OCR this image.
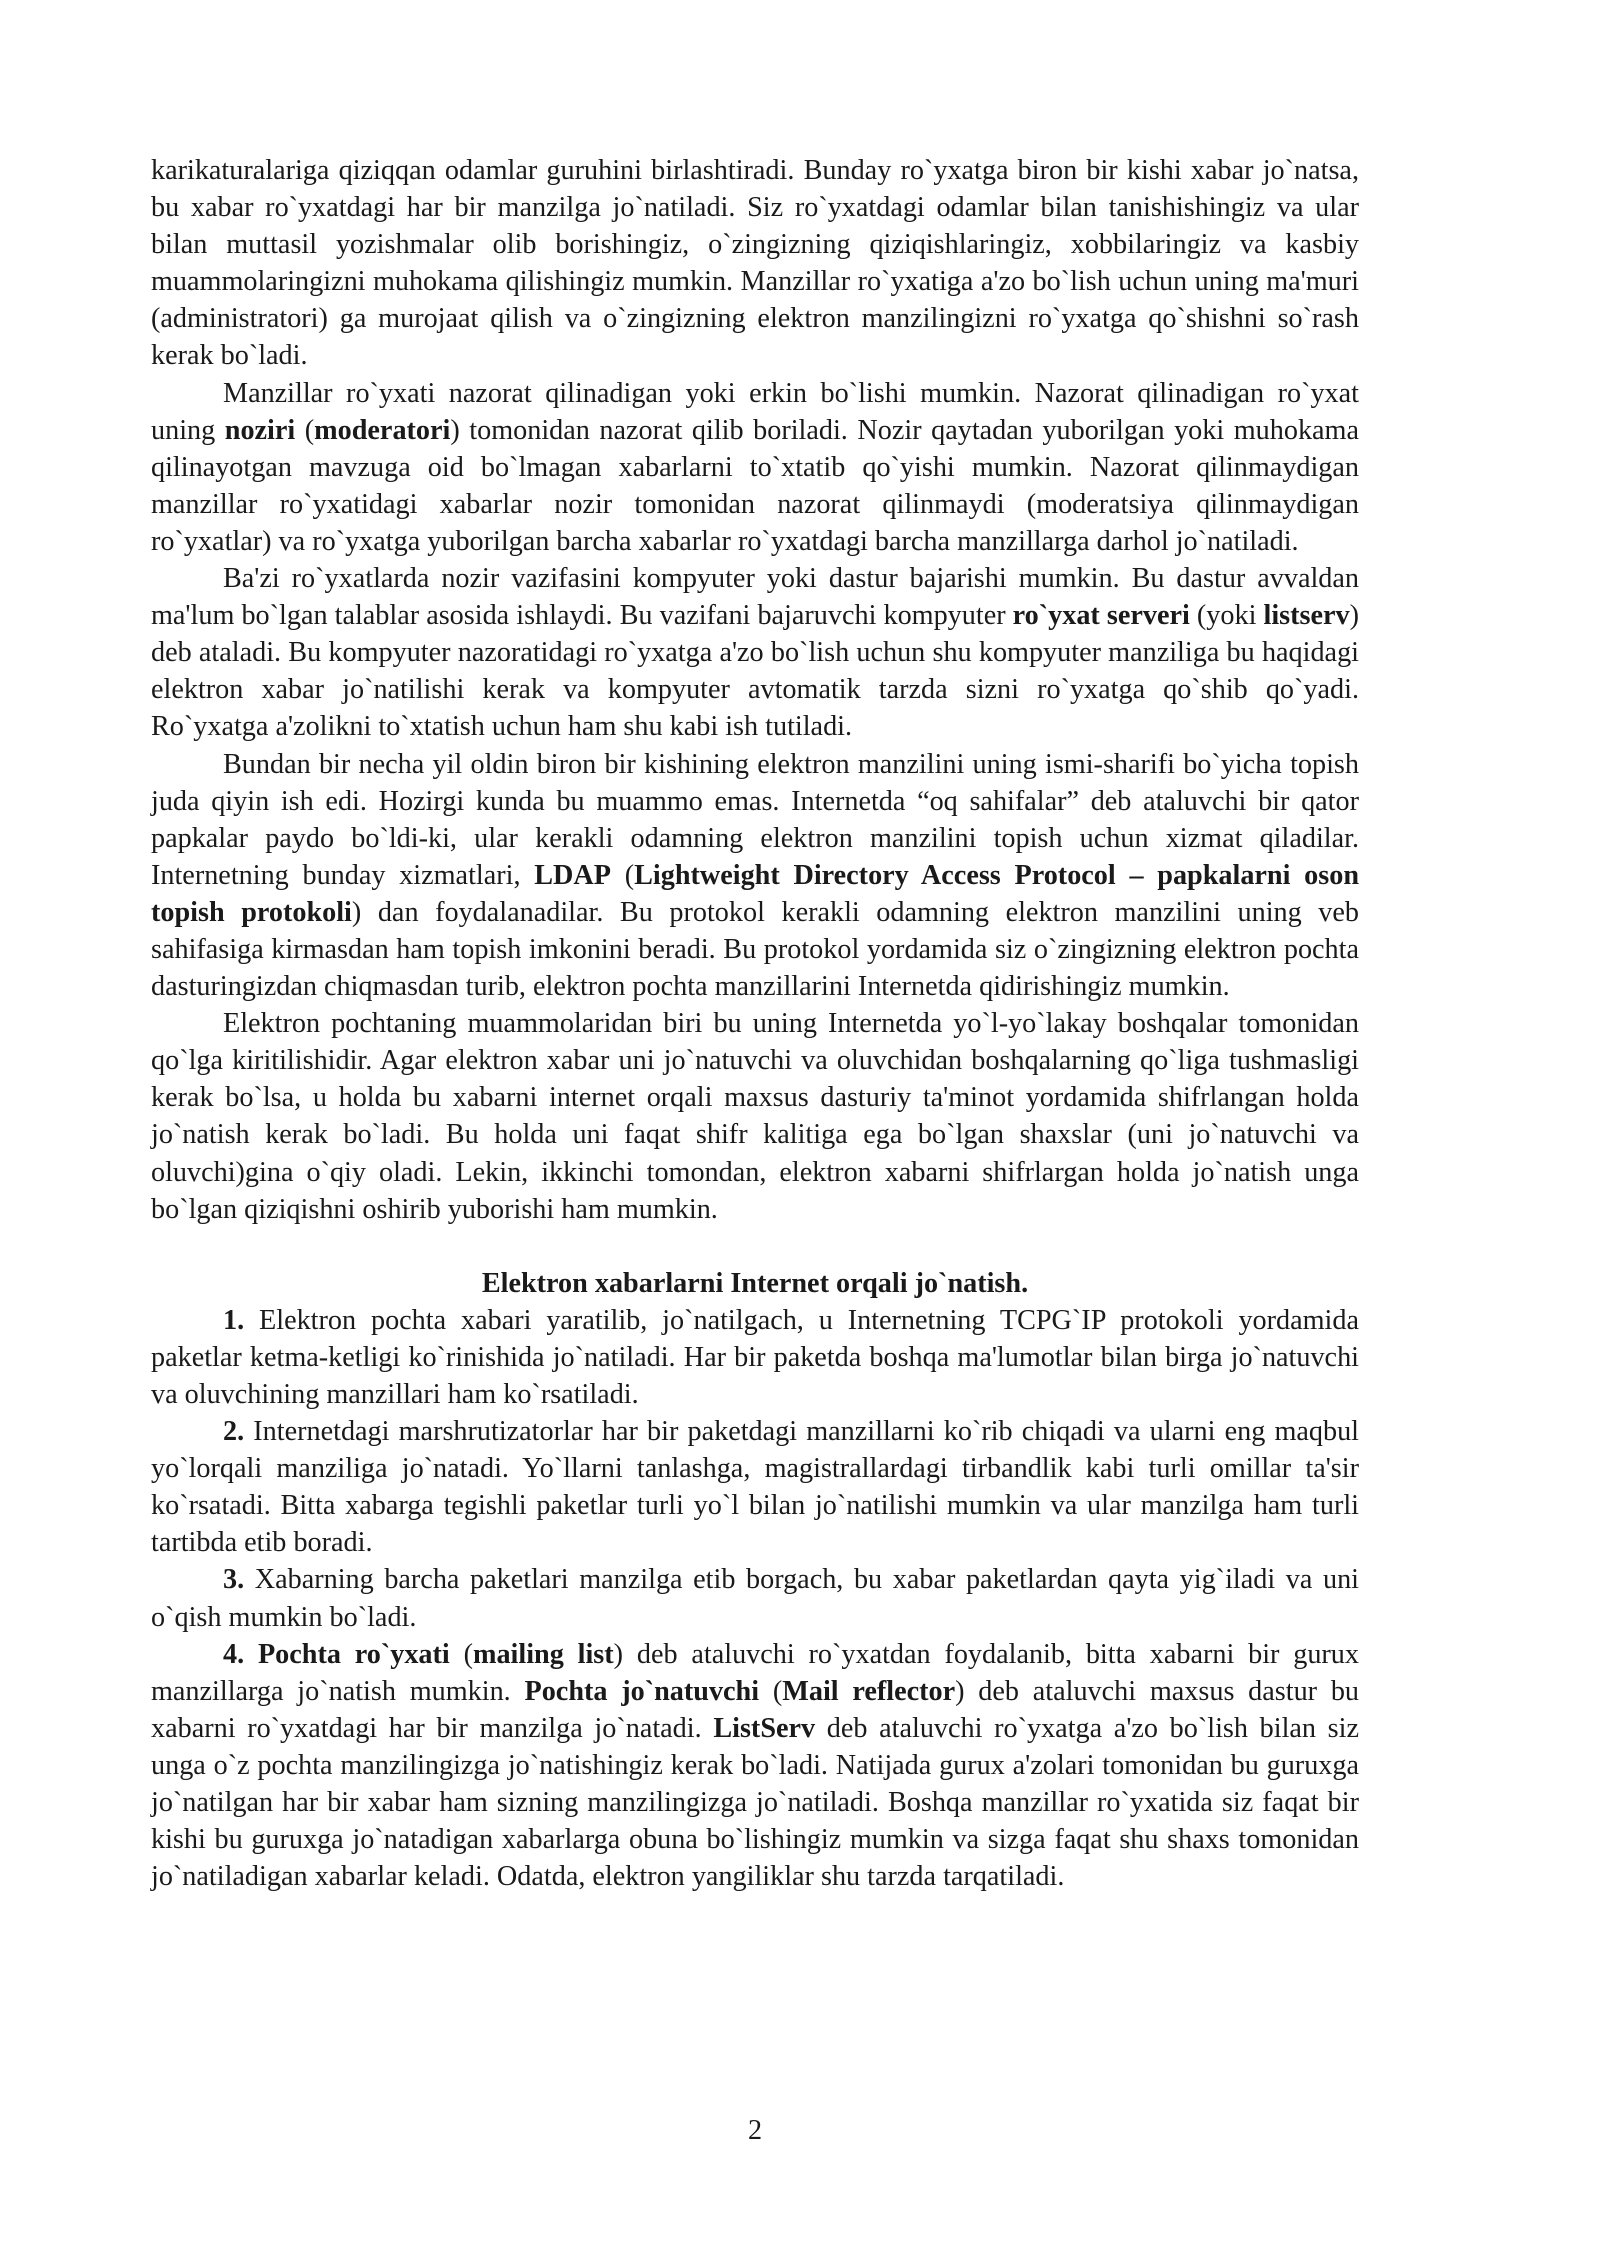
karikaturalariga qiziqqan odamlar guruhini birlashtiradi. Bunday ro`yxatga biron bir kishi xabar jo`natsa, bu xabar ro`yxatdagi har bir manzilga jo`natiladi. Siz ro`yxatdagi odamlar bilan tanishishingiz va ular bilan muttasil yozishmalar olib borishingiz, o`zingizning qiziqishlaringiz, xobbilaringiz va kasbiy muammolaringizni muhokama qilishingiz mumkin. Manzillar ro`yxatiga a'zo bo`lish uchun uning ma'muri (administratori) ga murojaat qilish va o`zingizning elektron manzilingizni ro`yxatga qo`shishni so`rash kerak bo`ladi.

Manzillar ro`yxati nazorat qilinadigan yoki erkin bo`lishi mumkin. Nazorat qilinadigan ro`yxat uning noziri (moderatori) tomonidan nazorat qilib boriladi. Nozir qaytadan yuborilgan yoki muhokama qilinayotgan mavzuga oid bo`lmagan xabarlarni to`xtatib qo`yishi mumkin. Nazorat qilinmaydigan manzillar ro`yxatidagi xabarlar nozir tomonidan nazorat qilinmaydi (moderatsiya qilinmaydigan ro`yxatlar) va ro`yxatga yuborilgan barcha xabarlar ro`yxatdagi barcha manzillarga darhol jo`natiladi.

Ba'zi ro`yxatlarda nozir vazifasini kompyuter yoki dastur bajarishi mumkin. Bu dastur avvaldan ma'lum bo`lgan talablar asosida ishlaydi. Bu vazifani bajaruvchi kompyuter ro`yxat serveri (yoki listserv) deb ataladi. Bu kompyuter nazoratidagi ro`yxatga a'zo bo`lish uchun shu kompyuter manziliga bu haqidagi elektron xabar jo`natilishi kerak va kompyuter avtomatik tarzda sizni ro`yxatga qo`shib qo`yadi. Ro`yxatga a'zolikni to`xtatish uchun ham shu kabi ish tutiladi.

Bundan bir necha yil oldin biron bir kishining elektron manzilini uning ismi-sharifi bo`yicha topish juda qiyin ish edi. Hozirgi kunda bu muammo emas. Internetda “oq sahifalar” deb ataluvchi bir qator papkalar paydo bo`ldi-ki, ular kerakli odamning elektron manzilini topish uchun xizmat qiladilar. Internetning bunday xizmatlari, LDAP (Lightweight Directory Access Protocol – papkalarni oson topish protokoli) dan foydalanadilar. Bu protokol kerakli odamning elektron manzilini uning veb sahifasiga kirmasdan ham topish imkonini beradi. Bu protokol yordamida siz o`zingizning elektron pochta dasturingizdan chiqmasdan turib, elektron pochta manzillarini Internetda qidirishingiz mumkin.

Elektron pochtaning muammolaridan biri bu uning Internetda yo`l-yo`lakay boshqalar tomonidan qo`lga kiritilishidir. Agar elektron xabar uni jo`natuvchi va oluvchidan boshqalarning qo`liga tushmasligi kerak bo`lsa, u holda bu xabarni internet orqali maxsus dasturiy ta'minot yordamida shifrlangan holda jo`natish kerak bo`ladi. Bu holda uni faqat shifr kalitiga ega bo`lgan shaxslar (uni jo`natuvchi va oluvchi)gina o`qiy oladi. Lekin, ikkinchi tomondan, elektron xabarni shifrlargan holda jo`natish unga bo`lgan qiziqishni oshirib yuborishi ham mumkin.

Elektron xabarlarni Internet orqali jo`natish.

1. Elektron pochta xabari yaratilib, jo`natilgach, u Internetning TCPG`IP protokoli yordamida paketlar ketma-ketligi ko`rinishida jo`natiladi. Har bir paketda boshqa ma'lumotlar bilan birga jo`natuvchi va oluvchining manzillari ham ko`rsatiladi.

2. Internetdagi marshrutizatorlar har bir paketdagi manzillarni ko`rib chiqadi va ularni eng maqbul yo`lorqali manziliga jo`natadi. Yo`llarni tanlashga, magistrallardagi tirbandlik kabi turli omillar ta'sir ko`rsatadi. Bitta xabarga tegishli paketlar turli yo`l bilan jo`natilishi mumkin va ular manzilga ham turli tartibda etib boradi.

3. Xabarning barcha paketlari manzilga etib borgach, bu xabar paketlardan qayta yig`iladi va uni o`qish mumkin bo`ladi.

4. Pochta ro`yxati (mailing list) deb ataluvchi ro`yxatdan foydalanib, bitta xabarni bir gurux manzillarga jo`natish mumkin. Pochta jo`natuvchi (Mail reflector) deb ataluvchi maxsus dastur bu xabarni ro`yxatdagi har bir manzilga jo`natadi. ListServ deb ataluvchi ro`yxatga a'zo bo`lish bilan siz unga o`z pochta manzilingizga jo`natishingiz kerak bo`ladi. Natijada gurux a'zolari tomonidan bu guruxga jo`natilgan har bir xabar ham sizning manzilingizga jo`natiladi. Boshqa manzillar ro`yxatida siz faqat bir kishi bu guruxga jo`natadigan xabarlarga obuna bo`lishingiz mumkin va sizga faqat shu shaxs tomonidan jo`natiladigan xabarlar keladi. Odatda, elektron yangiliklar shu tarzda tarqatiladi.

2
